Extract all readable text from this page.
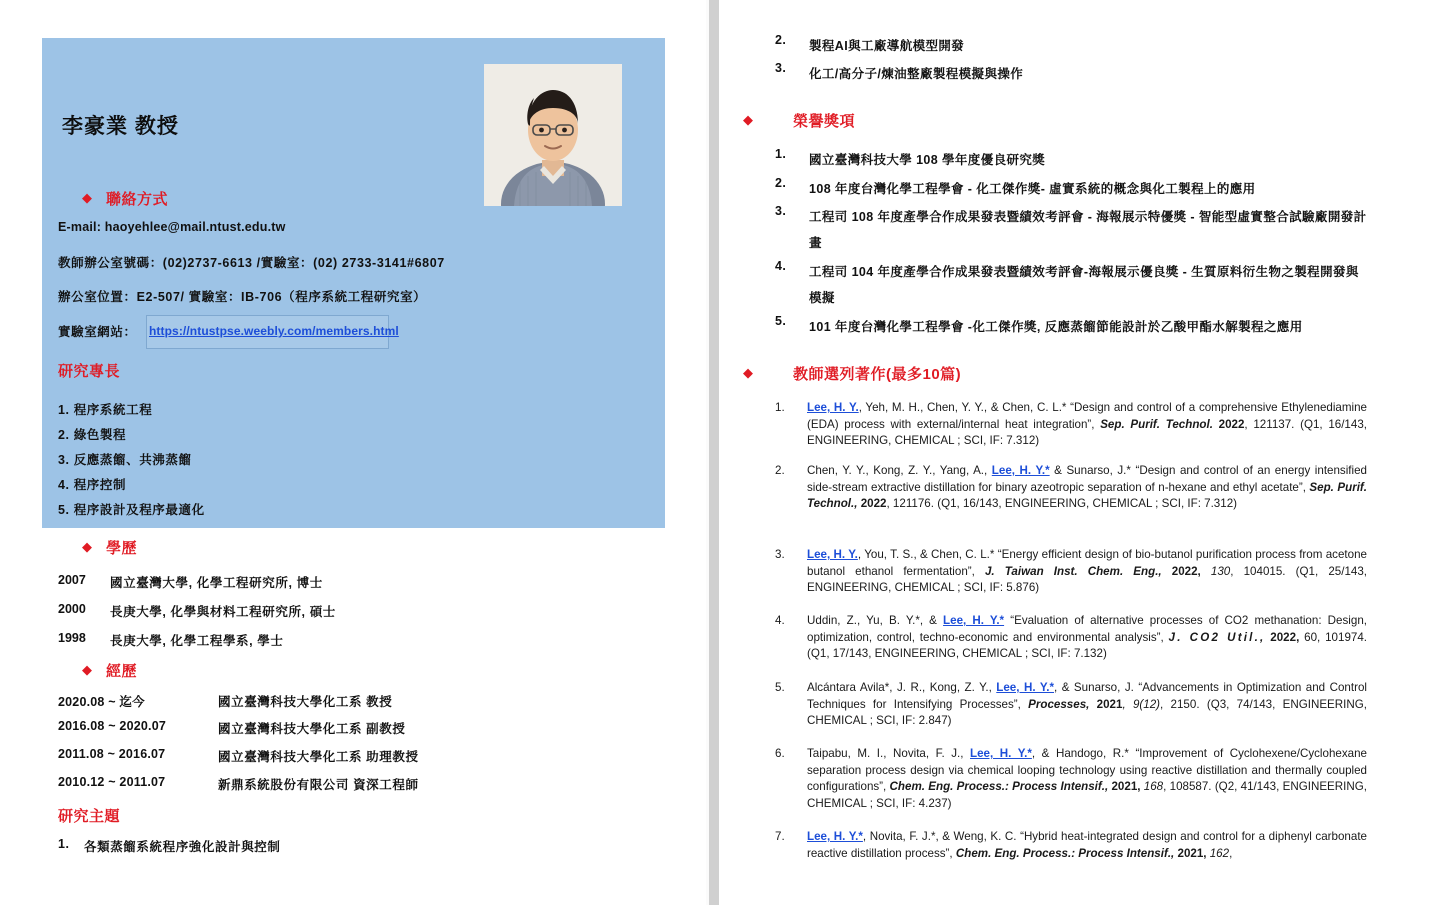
李豪業 教授
◆ 聯絡方式
E-mail: haoyehlee@mail.ntust.edu.tw
教師辦公室號碼：(02)2737-6613 /實驗室：(02) 2733-3141#6807
辦公室位置：E2-507/ 實驗室：IB-706（程序系統工程研究室）
實驗室網站： https://ntustpse.weebly.com/members.html
研究專長
1. 程序系統工程
2. 綠色製程
3. 反應蒸餾、共沸蒸餾
4. 程序控制
5. 程序設計及程序最適化
◆ 學歷
2007	國立臺灣大學, 化學工程研究所, 博士
2000	長庚大學, 化學與材料工程研究所, 碩士
1998	長庚大學, 化學工程學系, 學士
◆ 經歷
2020.08 ~ 迄今	國立臺灣科技大學化工系 教授
2016.08 ~ 2020.07	國立臺灣科技大學化工系 副教授
2011.08 ~ 2016.07	國立臺灣科技大學化工系 助理教授
2010.12 ~ 2011.07	新鼎系統股份有限公司 資深工程師
研究主題
1.	各類蒸餾系統程序強化設計與控制
2.	製程AI與工廠導航模型開發
3.	化工/高分子/煉油整廠製程模擬與操作
◆	榮譽獎項
1.	國立臺灣科技大學 108 學年度優良研究獎
2.	108 年度台灣化學工程學會 - 化工傑作獎- 虛實系統的概念與化工製程上的應用
3.	工程司 108 年度產學合作成果發表暨績效考評會 - 海報展示特優獎 - 智能型虛實整合試驗廠開發計畫
4.	工程司 104 年度產學合作成果發表暨績效考評會-海報展示優良獎 - 生質原料衍生物之製程開發與模擬
5.	101 年度台灣化學工程學會 -化工傑作獎, 反應蒸餾節能設計於乙酸甲酯水解製程之應用
◆	教師選列著作(最多10篇)
1.	Lee, H. Y., Yeh, M. H., Chen, Y. Y., & Chen, C. L.* “Design and control of a comprehensive Ethylenediamine (EDA) process with external/internal heat integration”, Sep. Purif. Technol. 2022, 121137. (Q1, 16/143, ENGINEERING, CHEMICAL ; SCI, IF: 7.312)
2.	Chen, Y. Y., Kong, Z. Y., Yang, A., Lee, H. Y.* & Sunarso, J.* “Design and control of an energy intensified side-stream extractive distillation for binary azeotropic separation of n-hexane and ethyl acetate”, Sep. Purif. Technol., 2022, 121176. (Q1, 16/143, ENGINEERING, CHEMICAL ; SCI, IF: 7.312)
3.	Lee, H. Y., You, T. S., & Chen, C. L.* “Energy efficient design of bio-butanol purification process from acetone butanol ethanol fermentation”, J. Taiwan Inst. Chem. Eng., 2022, 130, 104015. (Q1, 25/143, ENGINEERING, CHEMICAL ; SCI, IF: 5.876)
4.	Uddin, Z., Yu, B. Y.*, & Lee, H. Y.* “Evaluation of alternative processes of CO2 methanation: Design, optimization, control, techno-economic and environmental analysis”, J. CO2 Util., 2022, 60, 101974. (Q1, 17/143, ENGINEERING, CHEMICAL ; SCI, IF: 7.132)
5.	Alcántara Avila*, J. R., Kong, Z. Y., Lee, H. Y.*, & Sunarso, J. “Advancements in Optimization and Control Techniques for Intensifying Processes”, Processes, 2021, 9(12), 2150. (Q3, 74/143, ENGINEERING, CHEMICAL ; SCI, IF: 2.847)
6.	Taipabu, M. I., Novita, F. J., Lee, H. Y.*, & Handogo, R.* “Improvement of Cyclohexene/Cyclohexane separation process design via chemical looping technology using reactive distillation and thermally coupled configurations”, Chem. Eng. Process.: Process Intensif., 2021, 168, 108587. (Q2, 41/143, ENGINEERING, CHEMICAL ; SCI, IF: 4.237)
7.	Lee, H. Y.*, Novita, F. J.*, & Weng, K. C. “Hybrid heat-integrated design and control for a diphenyl carbonate reactive distillation process”, Chem. Eng. Process.: Process Intensif., 2021, 162,
